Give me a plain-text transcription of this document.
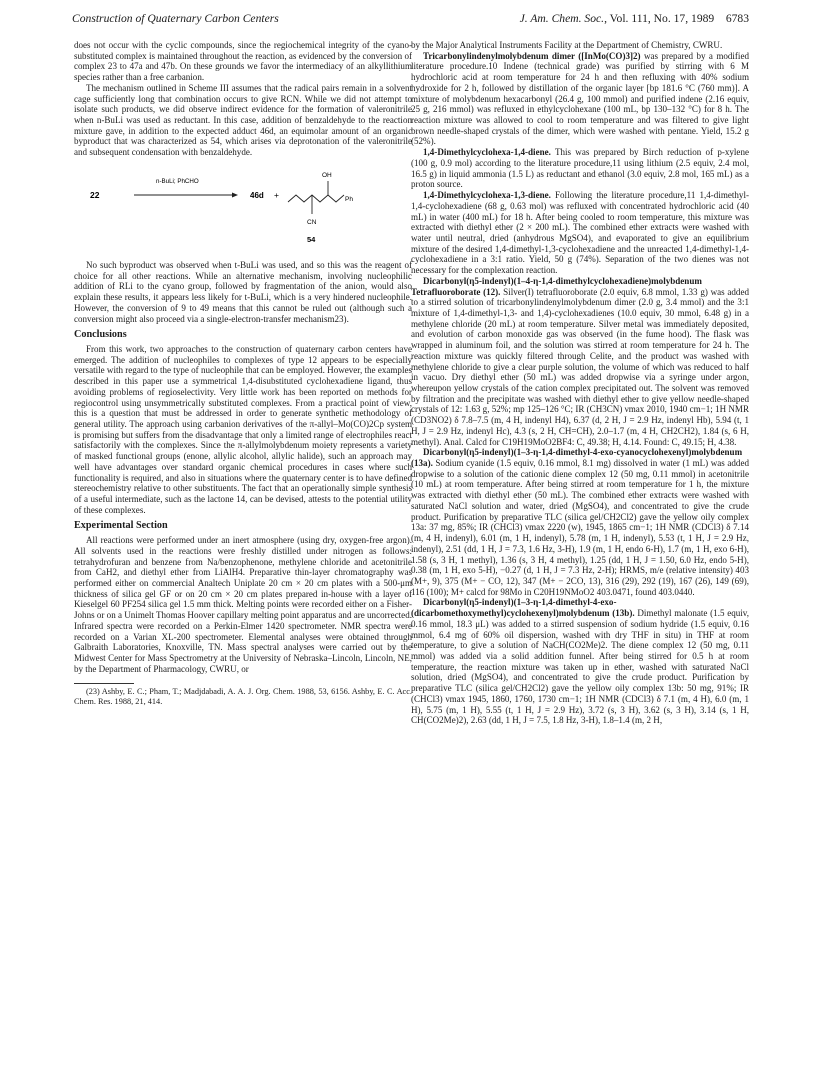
Construction of Quaternary Carbon Centers	J. Am. Chem. Soc., Vol. 111, No. 17, 1989 6783

does not occur with the cyclic compounds, since the regiochemical integrity of the cyano-substituted complex is maintained throughout the reaction, as evidenced by the conversion of complex 23 to 47a and 47b. On these grounds we favor the intermediacy of an alkyllithium species rather than a free carbanion.

The mechanism outlined in Scheme III assumes that the radical pairs remain in a solvent cage sufficiently long that combination occurs to give RCN. While we did not attempt to isolate such products, we did observe indirect evidence for the formation of valeronitrile when n-BuLi was used as reductant. In this case, addition of benzaldehyde to the reaction mixture gave, in addition to the expected adduct 46d, an equimolar amount of an organic byproduct that was characterized as 54, which arises via deprotonation of the valeronitrile and subsequent condensation with benzaldehyde.

22
n-BuLi; PhCHO
46d +
OH
Ph
CN
54

No such byproduct was observed when t-BuLi was used, and so this was the reagent of choice for all other reactions. While an alternative mechanism, involving nucleophilic addition of RLi to the cyano group, followed by fragmentation of the anion, would also explain these results, it appears less likely for t-BuLi, which is a very hindered nucleophile. However, the conversion of 9 to 49 means that this cannot be ruled out (although such a conversion might also proceed via a single-electron-transfer mechanism23).

Conclusions

From this work, two approaches to the construction of quaternary carbon centers have emerged. The addition of nucleophiles to complexes of type 12 appears to be especially versatile with regard to the type of nucleophile that can be employed. However, the examples described in this paper use a symmetrical 1,4-disubstituted cyclohexadiene ligand, thus avoiding problems of regioselectivity. Very little work has been reported on methods for regiocontrol using unsymmetrically substituted complexes. From a practical point of view, this is a question that must be addressed in order to generate synthetic methodology of general utility. The approach using carbanion derivatives of the π-allyl–Mo(CO)2Cp system is promising but suffers from the disadvantage that only a limited range of electrophiles react satisfactorily with the complexes. Since the π-allylmolybdenum moiety represents a variety of masked functional groups (enone, allylic alcohol, allylic halide), such an approach may well have advantages over standard organic chemical procedures in cases where such functionality is required, and also in situations where the quaternary center is to have defined stereochemistry relative to other substituents. The fact that an operationally simple synthesis of a useful intermediate, such as the lactone 14, can be devised, attests to the potential utility of these complexes.

Experimental Section

All reactions were performed under an inert atmosphere (using dry, oxygen-free argon). All solvents used in the reactions were freshly distilled under nitrogen as follows: tetrahydrofuran and benzene from Na/benzophenone, methylene chloride and acetonitrile from CaH2, and diethyl ether from LiAlH4. Preparative thin-layer chromatography was performed either on commercial Analtech Uniplate 20 cm × 20 cm plates with a 500-μm thickness of silica gel GF or on 20 cm × 20 cm plates prepared in-house with a layer of Kieselgel 60 PF254 silica gel 1.5 mm thick. Melting points were recorded either on a Fisher-Johns or on a Unimelt Thomas Hoover capillary melting point apparatus and are uncorrected. Infrared spectra were recorded on a Perkin-Elmer 1420 spectrometer. NMR spectra were recorded on a Varian XL-200 spectrometer. Elemental analyses were obtained through Galbraith Laboratories, Knoxville, TN. Mass spectral analyses were carried out by the Midwest Center for Mass Spectrometry at the University of Nebraska–Lincoln, Lincoln, NE, by the Department of Pharmacology, CWRU, or

(23) Ashby, E. C.; Pham, T.; Madjdabadi, A. A. J. Org. Chem. 1988, 53, 6156. Ashby, E. C. Acc. Chem. Res. 1988, 21, 414.

by the Major Analytical Instruments Facility at the Department of Chemistry, CWRU.

Tricarbonylindenylmolybdenum dimer ([InMo(CO)3]2) was prepared by a modified literature procedure.10 Indene (technical grade) was purified by stirring with 6 M hydrochloric acid at room temperature for 24 h and then refluxing with 40% sodium hydroxide for 2 h, followed by distillation of the organic layer [bp 181.6 °C (760 mm)]. A mixture of molybdenum hexacarbonyl (26.4 g, 100 mmol) and purified indene (2.16 equiv, 25 g, 216 mmol) was refluxed in ethylcyclohexane (100 mL, bp 130–132 °C) for 8 h. The reaction mixture was allowed to cool to room temperature and was filtered to give light brown needle-shaped crystals of the dimer, which were washed with pentane. Yield, 15.2 g (52%).

1,4-Dimethylcyclohexa-1,4-diene. This was prepared by Birch reduction of p-xylene (100 g, 0.9 mol) according to the literature procedure,11 using lithium (2.5 equiv, 2.4 mol, 16.5 g) in liquid ammonia (1.5 L) as reductant and ethanol (3.0 equiv, 2.8 mol, 165 mL) as a proton source.

1,4-Dimethylcyclohexa-1,3-diene. Following the literature procedure,11 1,4-dimethyl-1,4-cyclohexadiene (68 g, 0.63 mol) was refluxed with concentrated hydrochloric acid (40 mL) in water (400 mL) for 18 h. After being cooled to room temperature, this mixture was extracted with diethyl ether (2 × 200 mL). The combined ether extracts were washed with water until neutral, dried (anhydrous MgSO4), and evaporated to give an equilibrium mixture of the desired 1,4-dimethyl-1,3-cyclohexadiene and the unreacted 1,4-dimethyl-1,4-cyclohexadiene in a 3:1 ratio. Yield, 50 g (74%). Separation of the two dienes was not necessary for the complexation reaction.

Dicarbonyl(η5-indenyl)(1–4-η-1,4-dimethylcyclohexadiene)molybdenum Tetrafluoroborate (12). Silver(I) tetrafluoroborate (2.0 equiv, 6.8 mmol, 1.33 g) was added to a stirred solution of tricarbonylindenylmolybdenum dimer (2.0 g, 3.4 mmol) and the 3:1 mixture of 1,4-dimethyl-1,3- and 1,4)-cyclohexadienes (10.0 equiv, 30 mmol, 6.48 g) in a methylene chloride (20 mL) at room temperature. Silver metal was immediately deposited, and evolution of carbon monoxide gas was observed (in the fume hood). The flask was wrapped in aluminum foil, and the solution was stirred at room temperature for 24 h. The reaction mixture was quickly filtered through Celite, and the product was washed with methylene chloride to give a clear purple solution, the volume of which was reduced to half in vacuo. Dry diethyl ether (50 mL) was added dropwise via a syringe under argon, whereupon yellow crystals of the cation complex precipitated out. The solvent was removed by filtration and the precipitate was washed with diethyl ether to give yellow needle-shaped crystals of 12: 1.63 g, 52%; mp 125–126 °C; IR (CH3CN) νmax 2010, 1940 cm−1; 1H NMR (CD3NO2) δ 7.8–7.5 (m, 4 H, indenyl H4), 6.37 (d, 2 H, J = 2.9 Hz, indenyl Hb), 5.94 (t, 1 H, J = 2.9 Hz, indenyl Hc), 4.3 (s, 2 H, CH=CH), 2.0–1.7 (m, 4 H, CH2CH2), 1.84 (s, 6 H, methyl). Anal. Calcd for C19H19MoO2BF4: C, 49.38; H, 4.14. Found: C, 49.15; H, 4.38.

Dicarbonyl(η5-indenyl)(1–3-η-1,4-dimethyl-4-exo-cyanocyclohexenyl)molybdenum (13a). Sodium cyanide (1.5 equiv, 0.16 mmol, 8.1 mg) dissolved in water (1 mL) was added dropwise to a solution of the cationic diene complex 12 (50 mg, 0.11 mmol) in acetonitrile (10 mL) at room temperature. After being stirred at room temperature for 1 h, the mixture was extracted with diethyl ether (50 mL). The combined ether extracts were washed with saturated NaCl solution and water, dried (MgSO4), and concentrated to give the crude product. Purification by preparative TLC (silica gel/CH2Cl2) gave the yellow oily complex 13a: 37 mg, 85%; IR (CHCl3) νmax 2220 (w), 1945, 1865 cm−1; 1H NMR (CDCl3) δ 7.14 (m, 4 H, indenyl), 6.01 (m, 1 H, indenyl), 5.78 (m, 1 H, indenyl), 5.53 (t, 1 H, J = 2.9 Hz, indenyl), 2.51 (dd, 1 H, J = 7.3, 1.6 Hz, 3-H), 1.9 (m, 1 H, endo 6-H), 1.7 (m, 1 H, exo 6-H), 1.58 (s, 3 H, 1 methyl), 1.36 (s, 3 H, 4 methyl), 1.25 (dd, 1 H, J = 1.50, 6.0 Hz, endo 5-H), 0.38 (m, 1 H, exo 5-H), −0.27 (d, 1 H, J = 7.3 Hz, 2-H); HRMS, m/e (relative intensity) 403 (M+, 9), 375 (M+ − CO, 12), 347 (M+ − 2CO, 13), 316 (29), 292 (19), 167 (26), 149 (69), 116 (100); M+ calcd for 98Mo in C20H19NMoO2 403.0471, found 403.0440.

Dicarbonyl(η5-indenyl)(1–3-η-1,4-dimethyl-4-exo-(dicarbomethoxymethyl)cyclohexenyl)molybdenum (13b). Dimethyl malonate (1.5 equiv, 0.16 mmol, 18.3 μL) was added to a stirred suspension of sodium hydride (1.5 equiv, 0.16 mmol, 6.4 mg of 60% oil dispersion, washed with dry THF in situ) in THF at room temperature, to give a solution of NaCH(CO2Me)2. The diene complex 12 (50 mg, 0.11 mmol) was added via a solid addition funnel. After being stirred for 0.5 h at room temperature, the reaction mixture was taken up in ether, washed with saturated NaCl solution, dried (MgSO4), and concentrated to give the crude product. Purification by preparative TLC (silica gel/CH2Cl2) gave the yellow oily complex 13b: 50 mg, 91%; IR (CHCl3) νmax 1945, 1860, 1760, 1730 cm−1; 1H NMR (CDCl3) δ 7.1 (m, 4 H), 6.0 (m, 1 H), 5.75 (m, 1 H), 5.55 (t, 1 H, J = 2.9 Hz), 3.72 (s, 3 H), 3.62 (s, 3 H), 3.14 (s, 1 H, CH(CO2Me)2), 2.63 (dd, 1 H, J = 7.5, 1.8 Hz, 3-H), 1.8–1.4 (m, 2 H,
